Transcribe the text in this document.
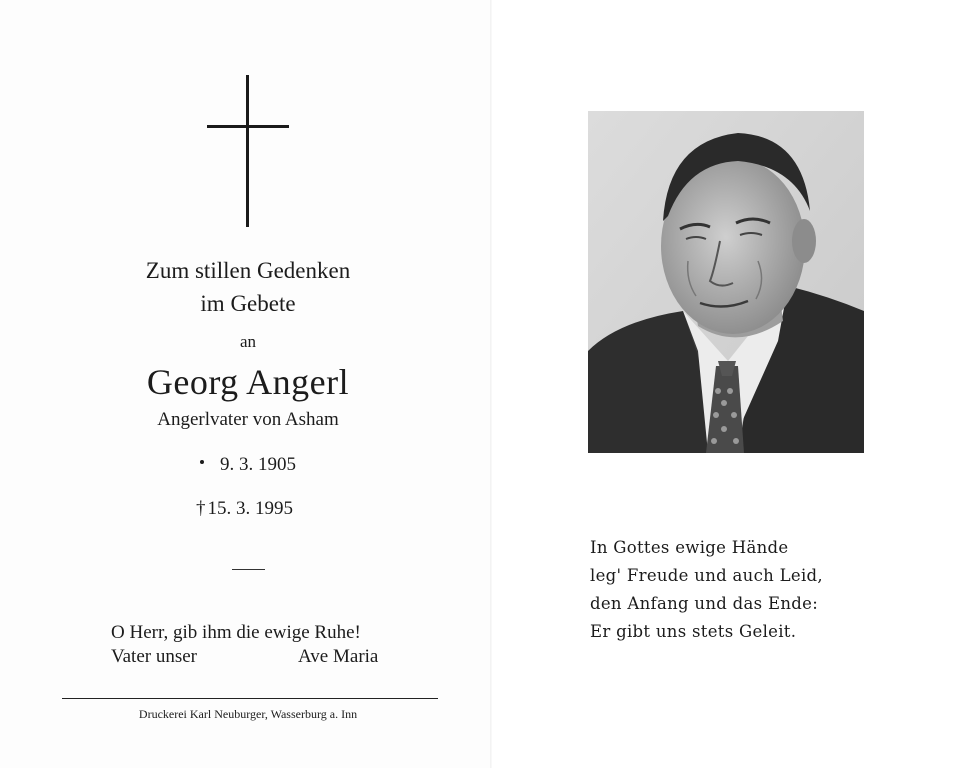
Zum stillen Gedenken
im Gebete
an
Georg Angerl
Angerlvater von Asham
9. 3. 1905
† 15. 3. 1995
O Herr, gib ihm die ewige Ruhe!
Vater unser	Ave Maria
Druckerei Karl Neuburger, Wasserburg a. Inn
In Gottes ewige Hände
leg' Freude und auch Leid,
den Anfang und das Ende:
Er gibt uns stets Geleit.
